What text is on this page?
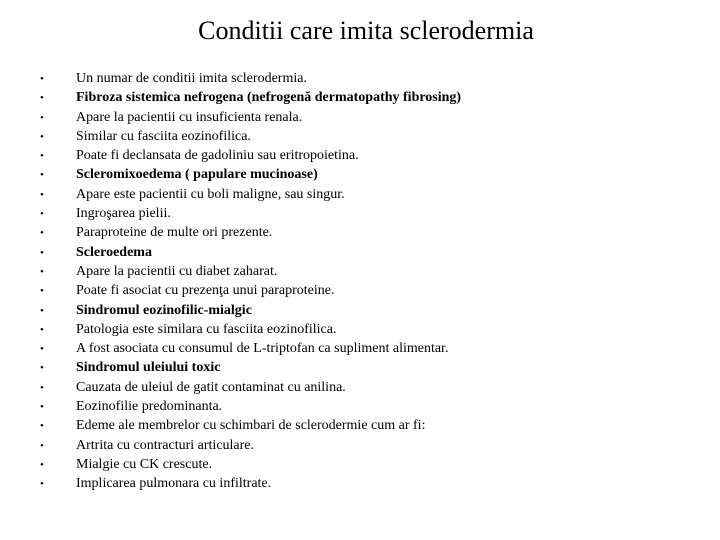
Conditii care imita sclerodermia
•	Un numar de conditii imita sclerodermia.
•	Fibroza sistemica nefrogena (nefrogenă dermatopathy fibrosing)
•	Apare la pacientii cu insuficienta renala.
•	Similar cu fasciita eozinofilica.
•	Poate fi declansata de gadoliniu sau eritropoietina.
•	Scleromixoedema ( papulare mucinoase)
•	Apare este pacientii cu boli maligne, sau singur.
•	Ingroşarea pielii.
•	Paraproteine de multe ori prezente.
•	Scleroedema
•	Apare la pacientii cu diabet zaharat.
•	Poate fi asociat cu prezenţa unui paraproteine.
•	Sindromul eozinofilic-mialgic
•	Patologia este similara cu fasciita eozinofilica.
•	A fost asociata cu consumul de L-triptofan ca supliment alimentar.
•	Sindromul uleiului toxic
•	Cauzata de uleiul de gatit contaminat cu anilina.
•	Eozinofilie predominanta.
•	Edeme ale membrelor cu schimbari de sclerodermie cum ar fi:
•	Artrita cu contracturi articulare.
•	Mialgie cu CK crescute.
•	Implicarea pulmonara cu infiltrate.
